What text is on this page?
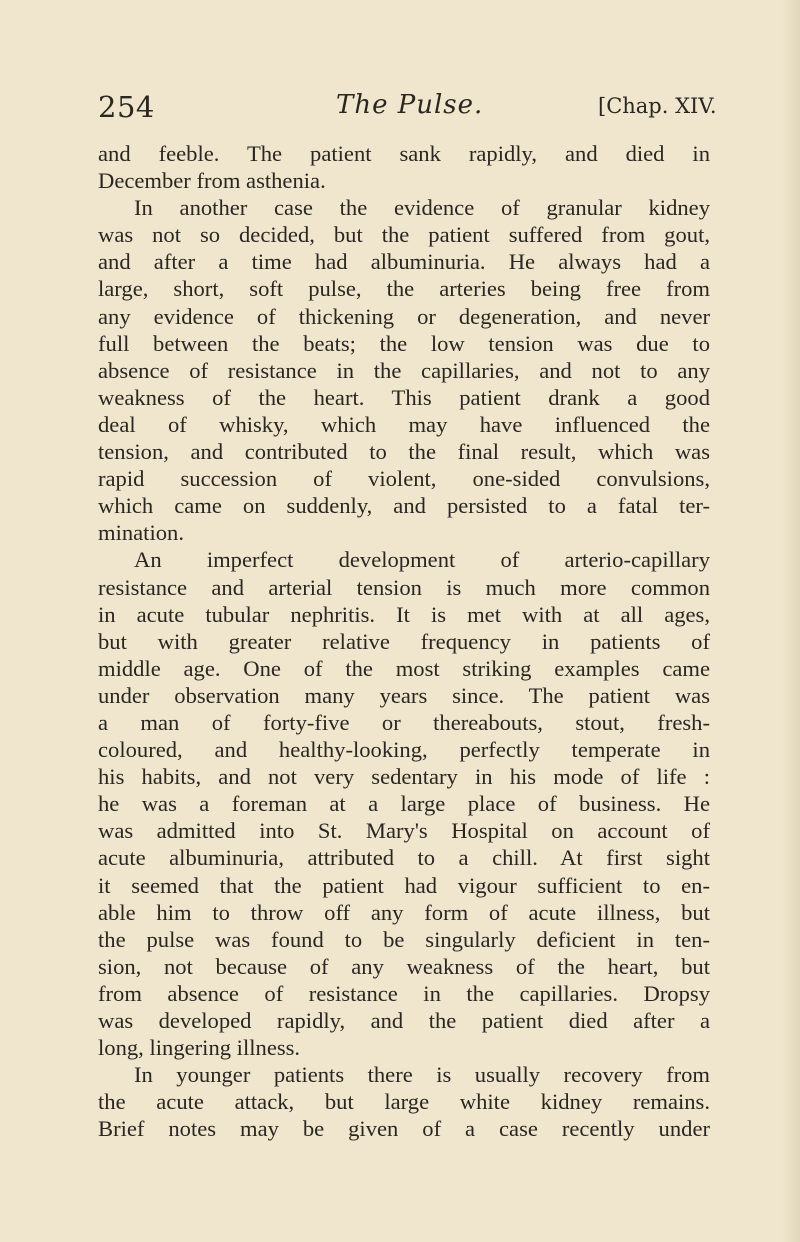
254	The Pulse.	[Chap. XIV.
and feeble. The patient sank rapidly, and died in
December from asthenia.
In another case the evidence of granular kidney
was not so decided, but the patient suffered from gout,
and after a time had albuminuria. He always had a
large, short, soft pulse, the arteries being free from
any evidence of thickening or degeneration, and never
full between the beats; the low tension was due to
absence of resistance in the capillaries, and not to any
weakness of the heart. This patient drank a good
deal of whisky, which may have influenced the
tension, and contributed to the final result, which was
rapid succession of violent, one-sided convulsions,
which came on suddenly, and persisted to a fatal ter-
mination.
An imperfect development of arterio-capillary
resistance and arterial tension is much more common
in acute tubular nephritis. It is met with at all ages,
but with greater relative frequency in patients of
middle age. One of the most striking examples came
under observation many years since. The patient was
a man of forty-five or thereabouts, stout, fresh-
coloured, and healthy-looking, perfectly temperate in
his habits, and not very sedentary in his mode of life :
he was a foreman at a large place of business. He
was admitted into St. Mary's Hospital on account of
acute albuminuria, attributed to a chill. At first sight
it seemed that the patient had vigour sufficient to en-
able him to throw off any form of acute illness, but
the pulse was found to be singularly deficient in ten-
sion, not because of any weakness of the heart, but
from absence of resistance in the capillaries. Dropsy
was developed rapidly, and the patient died after a
long, lingering illness.
In younger patients there is usually recovery from
the acute attack, but large white kidney remains.
Brief notes may be given of a case recently under
